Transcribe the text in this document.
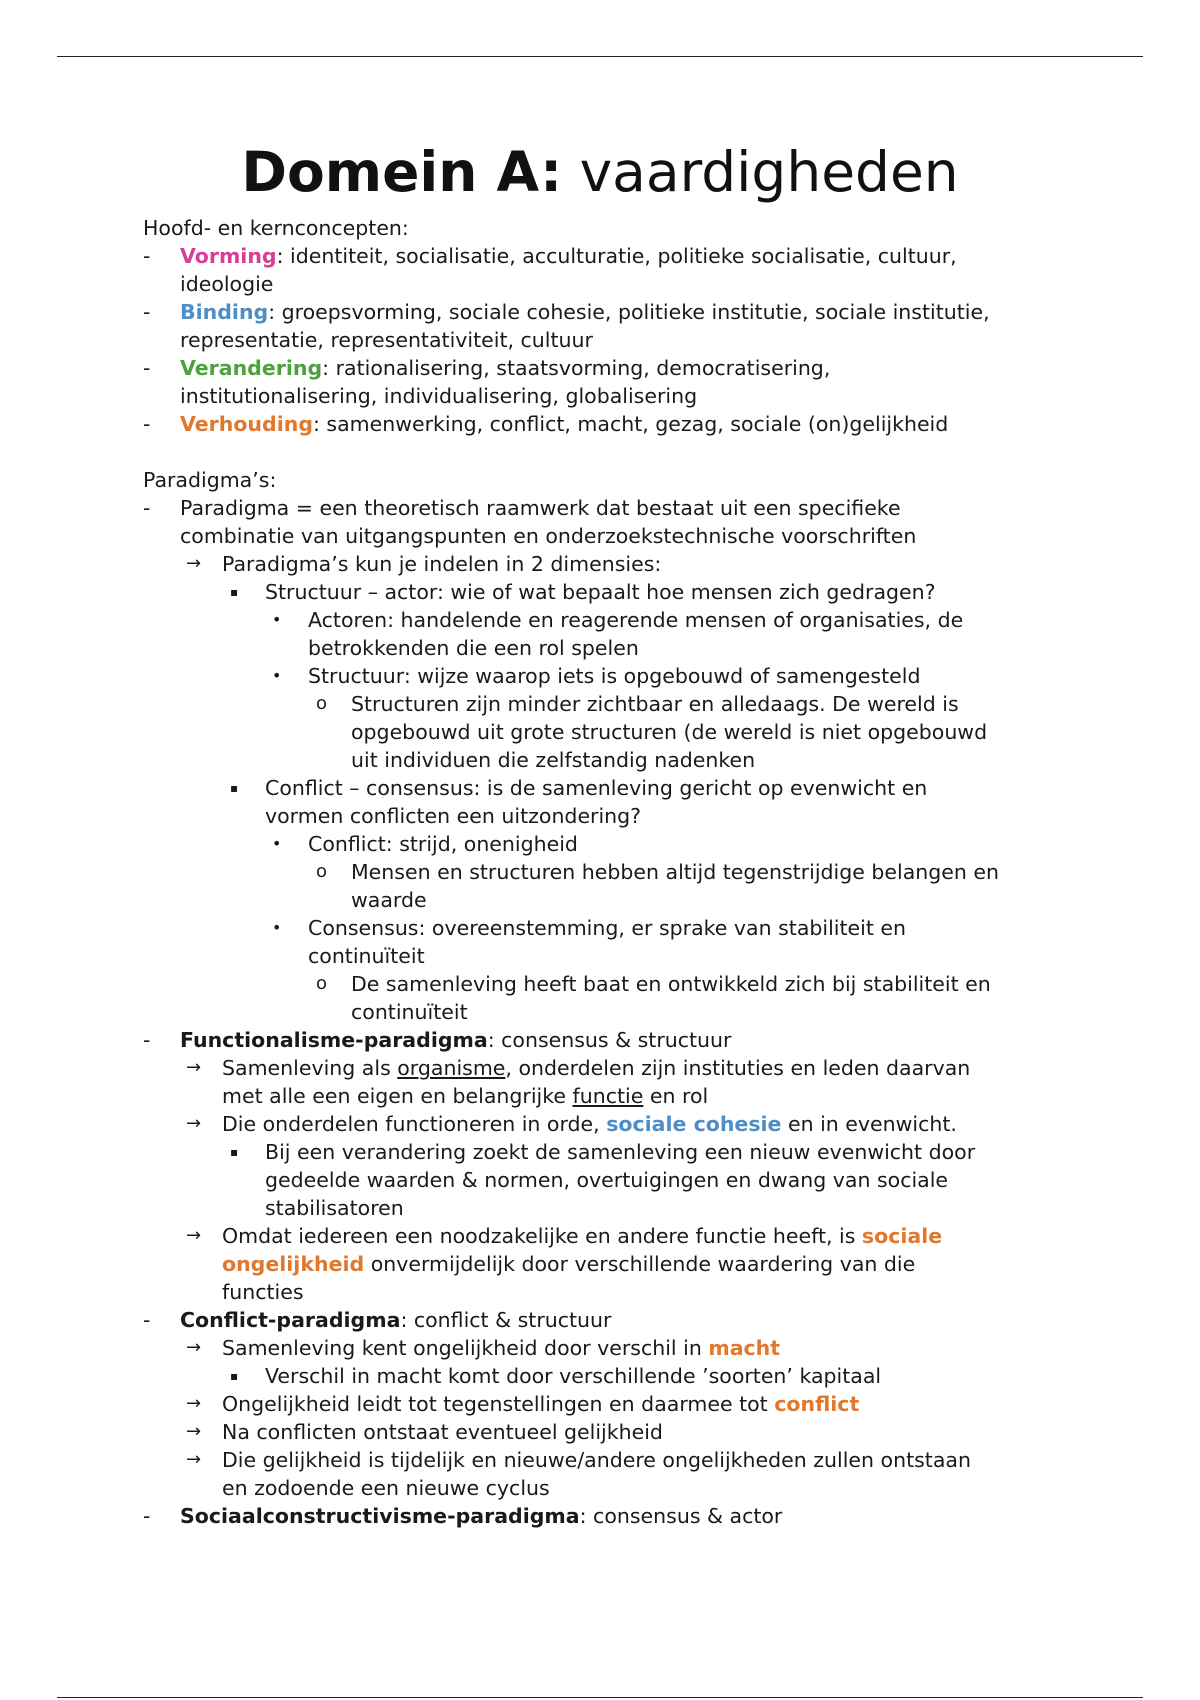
Domein A: vaardigheden
Hoofd- en kernconcepten:
- Vorming: identiteit, socialisatie, acculturatie, politieke socialisatie, cultuur,
ideologie
- Binding: groepsvorming, sociale cohesie, politieke institutie, sociale institutie,
representatie, representativiteit, cultuur
- Verandering: rationalisering, staatsvorming, democratisering,
institutionalisering, individualisering, globalisering
- Verhouding: samenwerking, conflict, macht, gezag, sociale (on)gelijkheid
Paradigma’s:
- Paradigma = een theoretisch raamwerk dat bestaat uit een specifieke
combinatie van uitgangspunten en onderzoekstechnische voorschriften
→ Paradigma’s kun je indelen in 2 dimensies:
▪ Structuur – actor: wie of wat bepaalt hoe mensen zich gedragen?
• Actoren: handelende en reagerende mensen of organisaties, de
betrokkenden die een rol spelen
• Structuur: wijze waarop iets is opgebouwd of samengesteld
o Structuren zijn minder zichtbaar en alledaags. De wereld is
opgebouwd uit grote structuren (de wereld is niet opgebouwd
uit individuen die zelfstandig nadenken
▪ Conflict – consensus: is de samenleving gericht op evenwicht en
vormen conflicten een uitzondering?
• Conflict: strijd, onenigheid
o Mensen en structuren hebben altijd tegenstrijdige belangen en
waarde
• Consensus: overeenstemming, er sprake van stabiliteit en
continuïteit
o De samenleving heeft baat en ontwikkeld zich bij stabiliteit en
continuïteit
- Functionalisme-paradigma: consensus & structuur
→ Samenleving als organisme, onderdelen zijn instituties en leden daarvan
met alle een eigen en belangrijke functie en rol
→ Die onderdelen functioneren in orde, sociale cohesie en in evenwicht.
▪ Bij een verandering zoekt de samenleving een nieuw evenwicht door
gedeelde waarden & normen, overtuigingen en dwang van sociale
stabilisatoren
→ Omdat iedereen een noodzakelijke en andere functie heeft, is sociale
ongelijkheid onvermijdelijk door verschillende waardering van die
functies
- Conflict-paradigma: conflict & structuur
→ Samenleving kent ongelijkheid door verschil in macht
▪ Verschil in macht komt door verschillende ’soorten’ kapitaal
→ Ongelijkheid leidt tot tegenstellingen en daarmee tot conflict
→ Na conflicten ontstaat eventueel gelijkheid
→ Die gelijkheid is tijdelijk en nieuwe/andere ongelijkheden zullen ontstaan
en zodoende een nieuwe cyclus
- Sociaalconstructivisme-paradigma: consensus & actor
